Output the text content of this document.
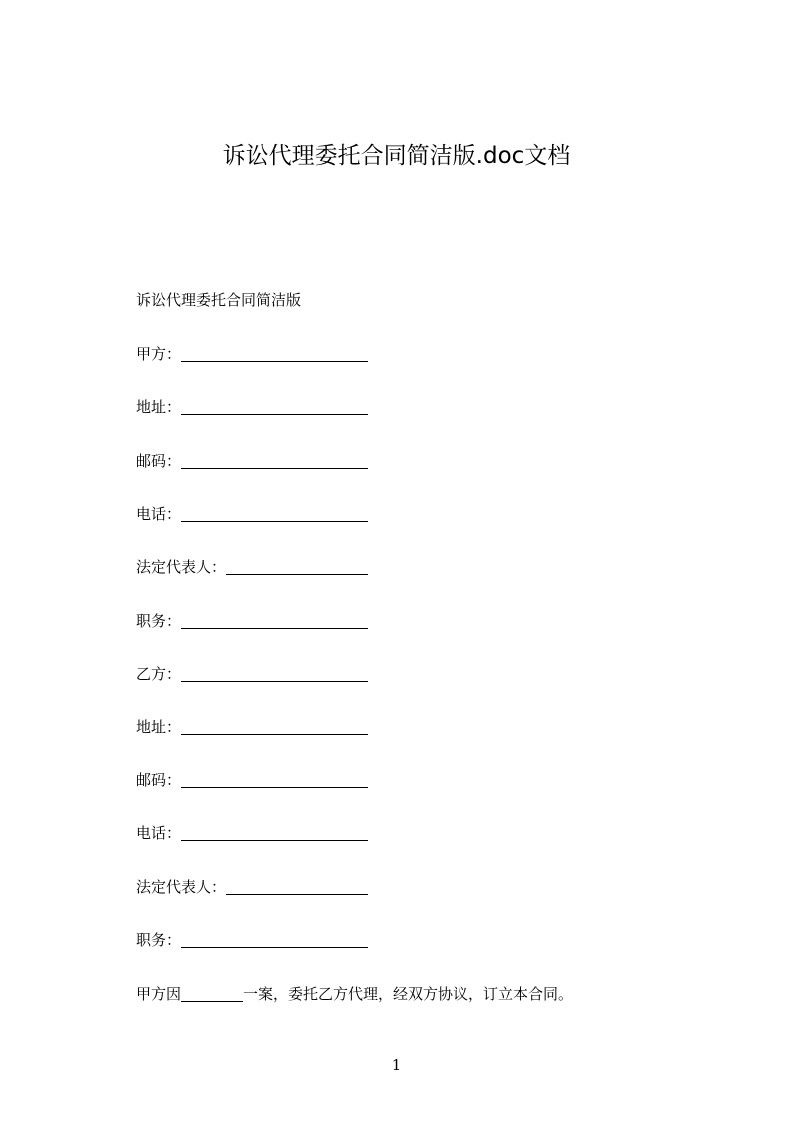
诉讼代理委托合同简洁版.doc文档
诉讼代理委托合同简洁版
甲方：
地址：
邮码：
电话：
法定代表人：
职务：
乙方：
地址：
邮码：
电话：
法定代表人：
职务：
甲方因	一案，委托乙方代理，经双方协议，订立本合同。
1
